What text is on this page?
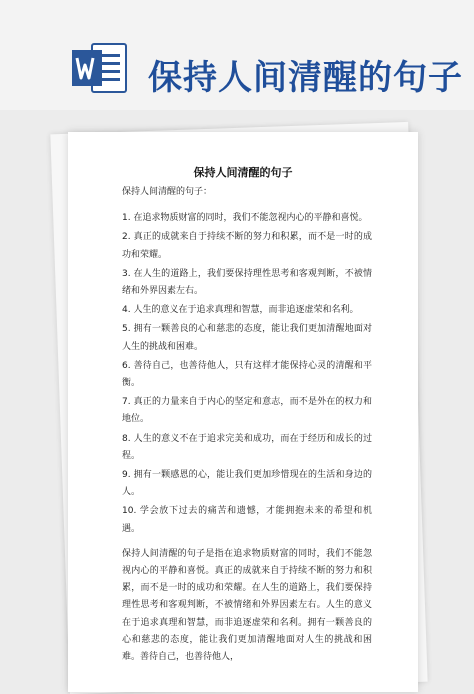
保持人间清醒的句子
保持人间清醒的句子

保持人间清醒的句子：

1. 在追求物质财富的同时，我们不能忽视内心的平静和喜悦。
2. 真正的成就来自于持续不断的努力和积累，而不是一时的成功和荣耀。
3. 在人生的道路上，我们要保持理性思考和客观判断，不被情绪和外界因素左右。
4. 人生的意义在于追求真理和智慧，而非追逐虚荣和名利。
5. 拥有一颗善良的心和慈悲的态度，能让我们更加清醒地面对人生的挑战和困难。
6. 善待自己，也善待他人，只有这样才能保持心灵的清醒和平衡。
7. 真正的力量来自于内心的坚定和意志，而不是外在的权力和地位。
8. 人生的意义不在于追求完美和成功，而在于经历和成长的过程。
9. 拥有一颗感恩的心，能让我们更加珍惜现在的生活和身边的人。
10. 学会放下过去的痛苦和遗憾，才能拥抱未来的希望和机遇。

保持人间清醒的句子是指在追求物质财富的同时，我们不能忽视内心的平静和喜悦。真正的成就来自于持续不断的努力和积累，而不是一时的成功和荣耀。在人生的道路上，我们要保持理性思考和客观判断，不被情绪和外界因素左右。人生的意义在于追求真理和智慧，而非追逐虚荣和名利。拥有一颗善良的心和慈悲的态度，能让我们更加清醒地面对人生的挑战和困难。善待自己，也善待他人，
